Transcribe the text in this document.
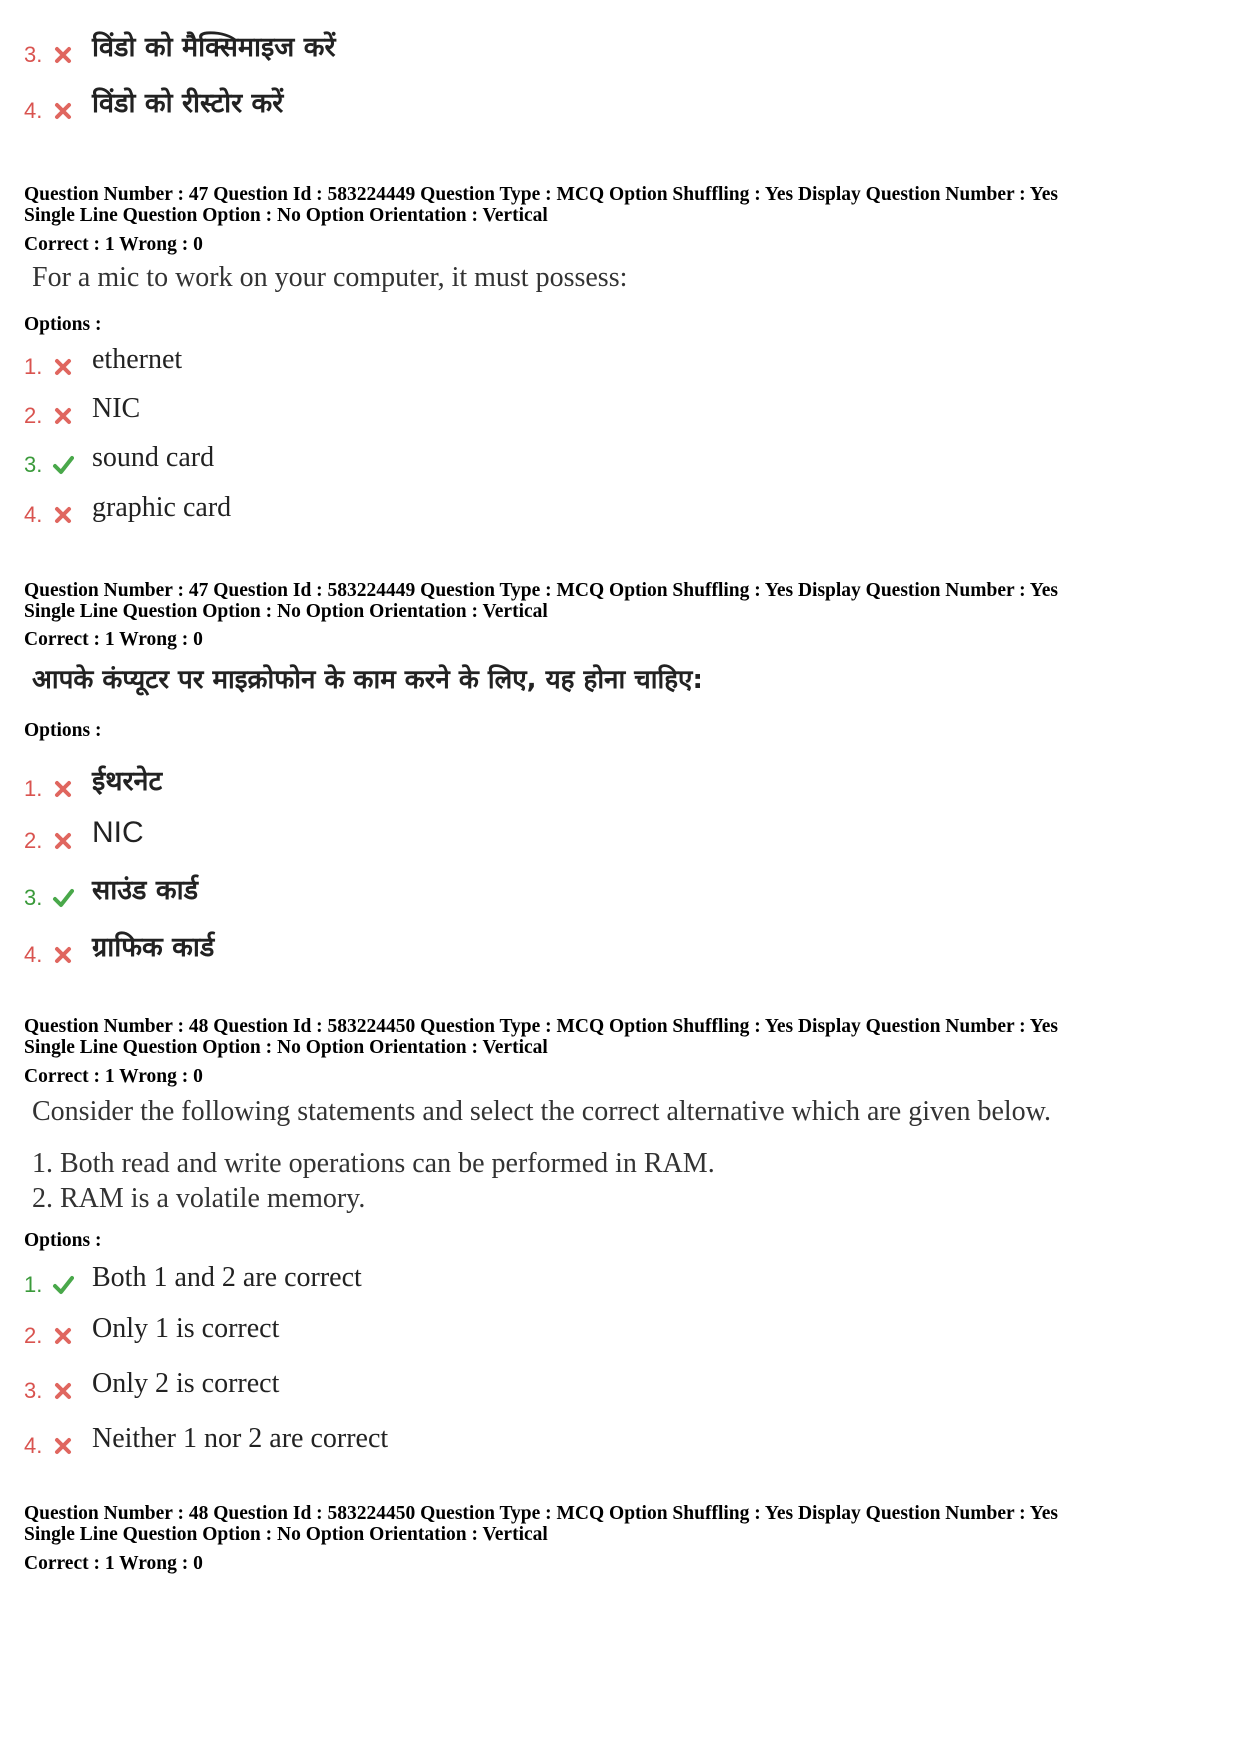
3. विंडो को मैक्सिमाइज करें
4. विंडो को रीस्टोर करें
Question Number : 47 Question Id : 583224449 Question Type : MCQ Option Shuffling : Yes Display Question Number : Yes
Single Line Question Option : No Option Orientation : Vertical
Correct : 1 Wrong : 0
For a mic to work on your computer, it must possess:
Options :
1. ethernet
2. NIC
3. sound card
4. graphic card
Question Number : 47 Question Id : 583224449 Question Type : MCQ Option Shuffling : Yes Display Question Number : Yes
Single Line Question Option : No Option Orientation : Vertical
Correct : 1 Wrong : 0
आपके कंप्यूटर पर माइक्रोफोन के काम करने के लिए, यह होना चाहिए:
Options :
1. ईथरनेट
2. NIC
3. साउंड कार्ड
4. ग्राफिक कार्ड
Question Number : 48 Question Id : 583224450 Question Type : MCQ Option Shuffling : Yes Display Question Number : Yes
Single Line Question Option : No Option Orientation : Vertical
Correct : 1 Wrong : 0
Consider the following statements and select the correct alternative which are given below.
1. Both read and write operations can be performed in RAM.
2. RAM is a volatile memory.
Options :
1. Both 1 and 2 are correct
2. Only 1 is correct
3. Only 2 is correct
4. Neither 1 nor 2 are correct
Question Number : 48 Question Id : 583224450 Question Type : MCQ Option Shuffling : Yes Display Question Number : Yes
Single Line Question Option : No Option Orientation : Vertical
Correct : 1 Wrong : 0
